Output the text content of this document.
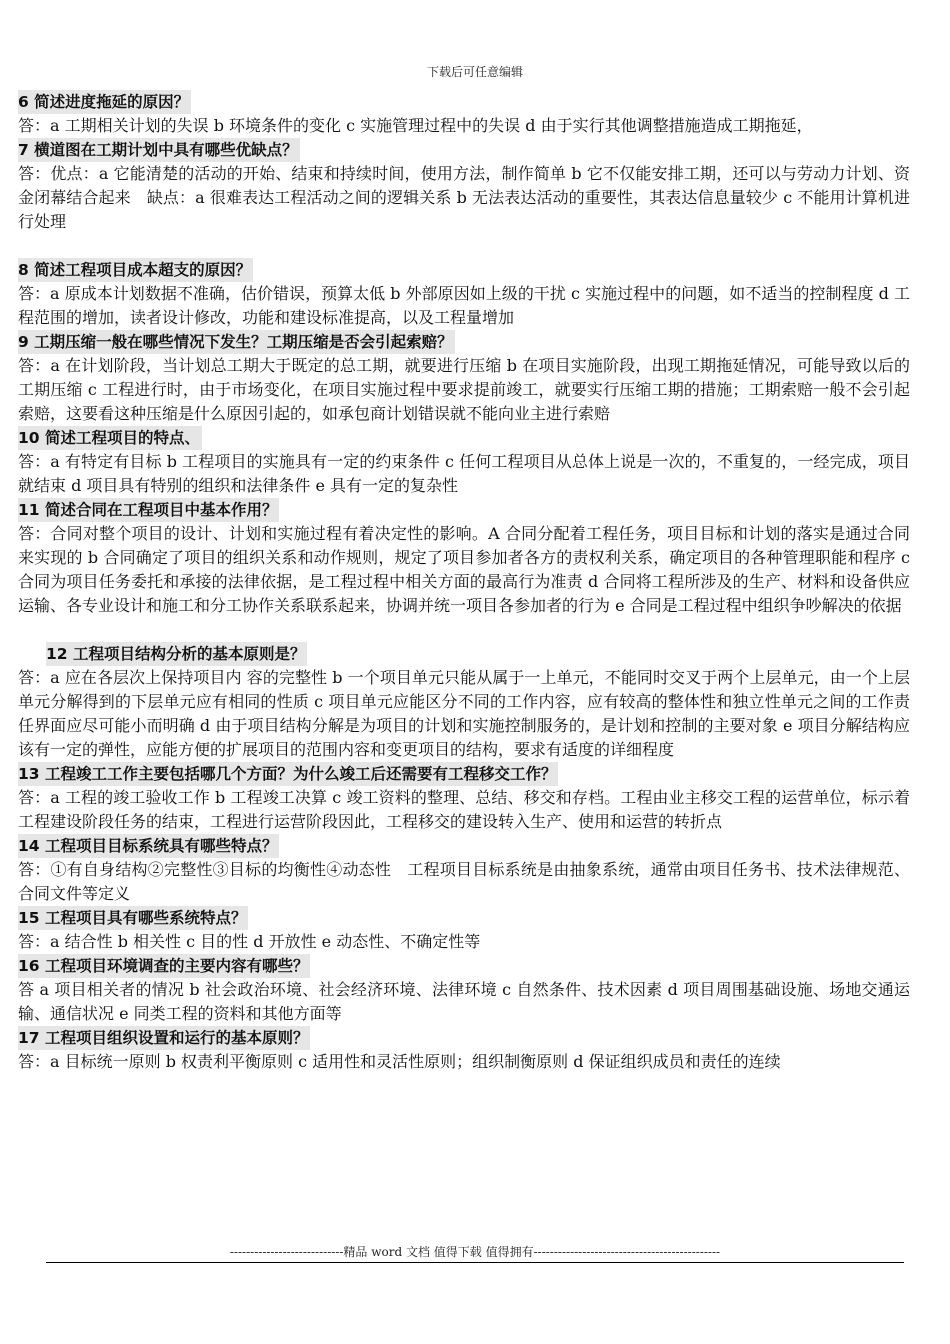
下载后可任意编辑
6 简述进度拖延的原因？

答：a 工期相关计划的失误 b 环境条件的变化 c 实施管理过程中的失误 d 由于实行其他调整措施造成工期拖延，

7 横道图在工期计划中具有哪些优缺点？

答：优点：a 它能清楚的活动的开始、结束和持续时间，使用方法，制作简单 b 它不仅能安排工期，还可以与劳动力计划、资金闭幕结合起来　缺点：a 很难表达工程活动之间的逻辑关系 b 无法表达活动的重要性，其表达信息量较少 c 不能用计算机进行处理

8 简述工程项目成本超支的原因？

答：a 原成本计划数据不准确，估价错误，预算太低 b 外部原因如上级的干扰 c 实施过程中的问题，如不适当的控制程度 d 工程范围的增加，读者设计修改，功能和建设标准提高，以及工程量增加

9 工期压缩一般在哪些情况下发生？工期压缩是否会引起索赔？

答：a 在计划阶段，当计划总工期大于既定的总工期，就要进行压缩 b 在项目实施阶段，出现工期拖延情况，可能导致以后的工期压缩 c 工程进行时，由于市场变化，在项目实施过程中要求提前竣工，就要实行压缩工期的措施；工期索赔一般不会引起索赔，这要看这种压缩是什么原因引起的，如承包商计划错误就不能向业主进行索赔

10 简述工程项目的特点、

答：a 有特定有目标 b 工程项目的实施具有一定的约束条件 c 任何工程项目从总体上说是一次的，不重复的，一经完成，项目就结束 d 项目具有特别的组织和法律条件 e 具有一定的复杂性

11 简述合同在工程项目中基本作用？

答：合同对整个项目的设计、计划和实施过程有着决定性的影响。A 合同分配着工程任务，项目目标和计划的落实是通过合同来实现的 b 合同确定了项目的组织关系和动作规则，规定了项目参加者各方的责权利关系，确定项目的各种管理职能和程序 c 合同为项目任务委托和承接的法律依据，是工程过程中相关方面的最高行为准责 d 合同将工程所涉及的生产、材料和设备供应运输、各专业设计和施工和分工协作关系联系起来，协调并统一项目各参加者的行为 e 合同是工程过程中组织争吵解决的依据

12 工程项目结构分析的基本原则是？

答：a 应在各层次上保持项目内 容的完整性 b 一个项目单元只能从属于一上单元，不能同时交叉于两个上层单元，由一个上层单元分解得到的下层单元应有相同的性质 c 项目单元应能区分不同的工作内容，应有较高的整体性和独立性单元之间的工作责任界面应尽可能小而明确 d 由于项目结构分解是为项目的计划和实施控制服务的，是计划和控制的主要对象 e 项目分解结构应该有一定的弹性，应能方便的扩展项目的范围内容和变更项目的结构，要求有适度的详细程度

13 工程竣工工作主要包括哪几个方面？为什么竣工后还需要有工程移交工作？

答：a 工程的竣工验收工作 b 工程竣工决算 c 竣工资料的整理、总结、移交和存档。工程由业主移交工程的运营单位，标示着工程建设阶段任务的结束，工程进行运营阶段因此，工程移交的建设转入生产、使用和运营的转折点

14 工程项目目标系统具有哪些特点？

答：①有自身结构②完整性③目标的均衡性④动态性　工程项目目标系统是由抽象系统，通常由项目任务书、技术法律规范、合同文件等定义

15 工程项目具有哪些系统特点？

答：a 结合性 b 相关性 c 目的性 d 开放性 e 动态性、不确定性等

16 工程项目环境调查的主要内容有哪些？

答 a 项目相关者的情况 b 社会政治环境、社会经济环境、法律环境 c 自然条件、技术因素 d 项目周围基础设施、场地交通运输、通信状况 e 同类工程的资料和其他方面等

17 工程项目组织设置和运行的基本原则？

答：a 目标统一原则 b 权责利平衡原则 c 适用性和灵活性原则；组织制衡原则 d 保证组织成员和责任的连续

----------------------------精品 word 文档 值得下载 值得拥有----------------------------------------------
